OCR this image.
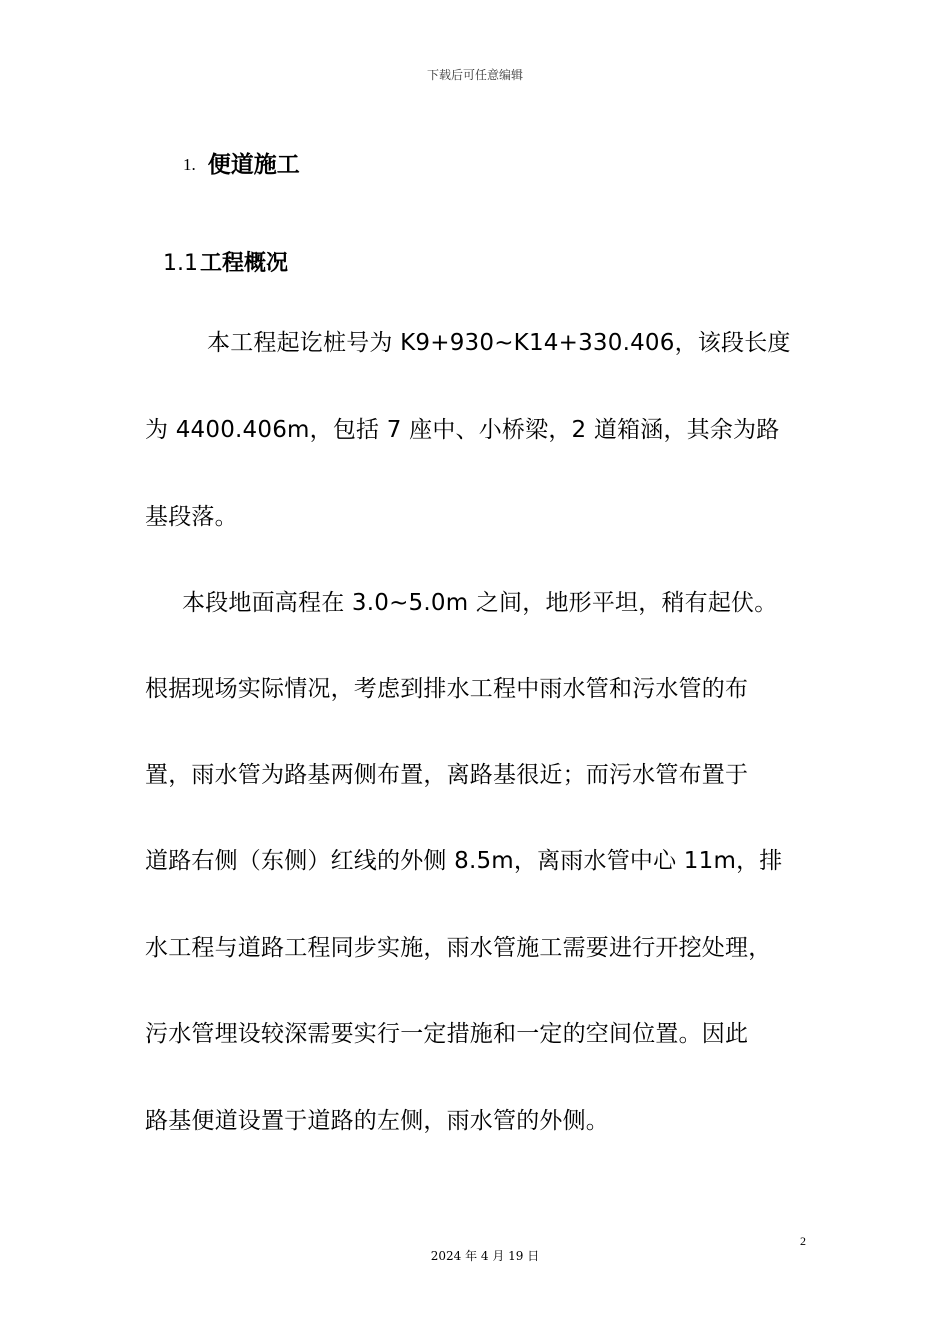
下载后可任意编辑
1. 便道施工
1.1工程概况
本工程起讫桩号为 K9+930~K14+330.406，该段长度
为 4400.406m，包括 7 座中、小桥梁，2 道箱涵，其余为路
基段落。
本段地面高程在 3.0~5.0m 之间，地形平坦，稍有起伏。
根据现场实际情况，考虑到排水工程中雨水管和污水管的布
置，雨水管为路基两侧布置，离路基很近；而污水管布置于
道路右侧（东侧）红线的外侧 8.5m，离雨水管中心 11m，排
水工程与道路工程同步实施，雨水管施工需要进行开挖处理，
污水管埋设较深需要实行一定措施和一定的空间位置。因此
路基便道设置于道路的左侧，雨水管的外侧。
2
2024 年 4 月 19 日
